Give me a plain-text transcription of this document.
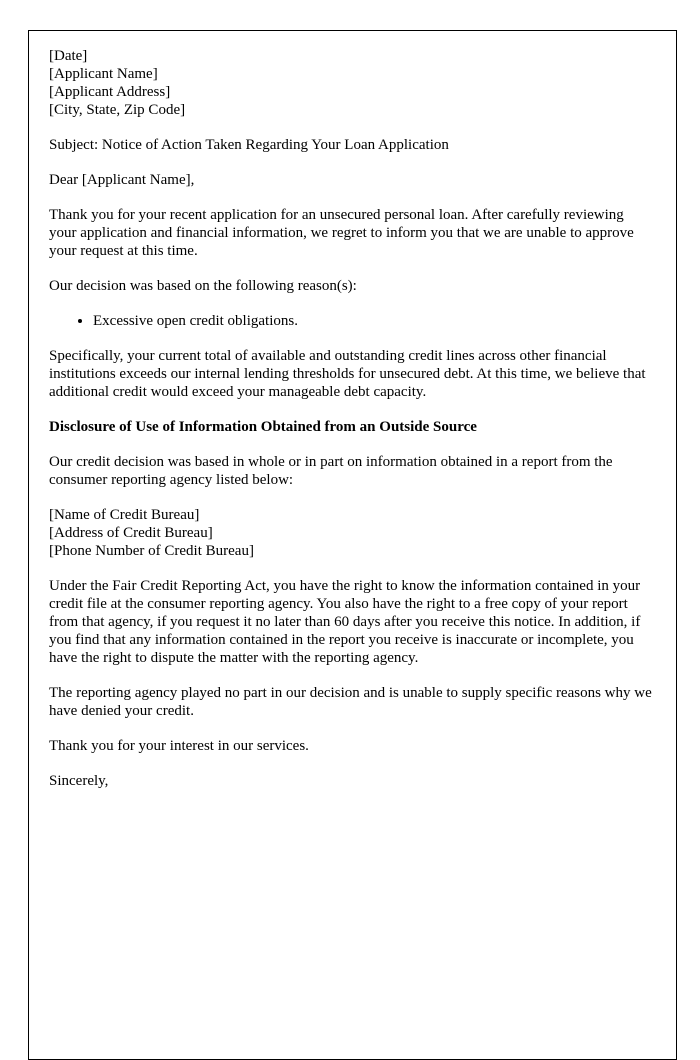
[Date]
[Applicant Name]
[Applicant Address]
[City, State, Zip Code]

Subject: Notice of Action Taken Regarding Your Loan Application

Dear [Applicant Name],

Thank you for your recent application for an unsecured personal loan. After carefully reviewing your application and financial information, we regret to inform you that we are unable to approve your request at this time.

Our decision was based on the following reason(s):

• Excessive open credit obligations.

Specifically, your current total of available and outstanding credit lines across other financial institutions exceeds our internal lending thresholds for unsecured debt. At this time, we believe that additional credit would exceed your manageable debt capacity.

Disclosure of Use of Information Obtained from an Outside Source

Our credit decision was based in whole or in part on information obtained in a report from the consumer reporting agency listed below:

[Name of Credit Bureau]
[Address of Credit Bureau]
[Phone Number of Credit Bureau]

Under the Fair Credit Reporting Act, you have the right to know the information contained in your credit file at the consumer reporting agency. You also have the right to a free copy of your report from that agency, if you request it no later than 60 days after you receive this notice. In addition, if you find that any information contained in the report you receive is inaccurate or incomplete, you have the right to dispute the matter with the reporting agency.

The reporting agency played no part in our decision and is unable to supply specific reasons why we have denied your credit.

Thank you for your interest in our services.

Sincerely,
